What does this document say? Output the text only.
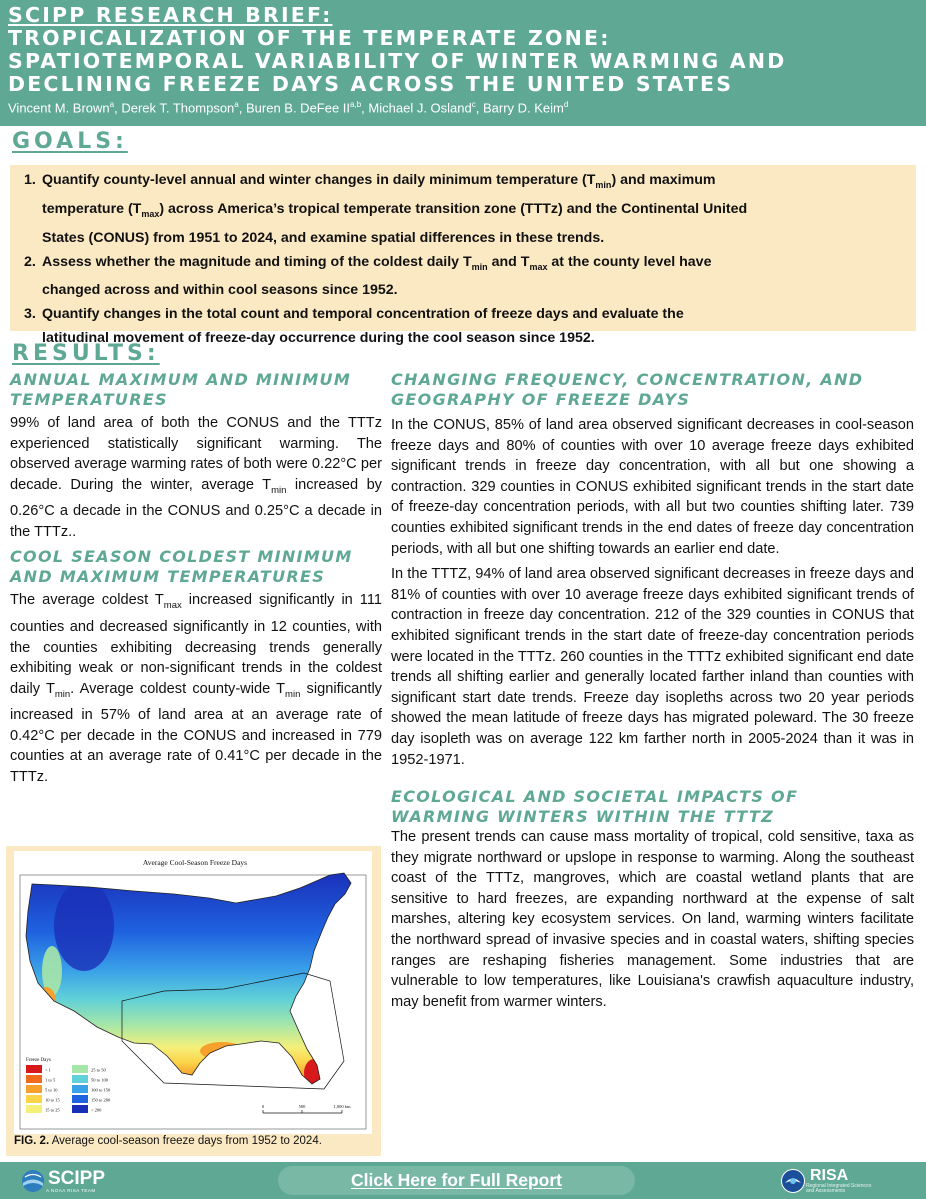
SCIPP RESEARCH BRIEF:
TROPICALIZATION OF THE TEMPERATE ZONE:
SPATIOTEMPORAL VARIABILITY OF WINTER WARMING AND
DECLINING FREEZE DAYS ACROSS THE UNITED STATES
Vincent M. Brown$^a$, Derek T. Thompson$^a$, Buren B. DeFee II$^{a,b}$, Michael J. Osland$^c$, Barry D. Keim$^d$
GOALS:
1. Quantify county-level annual and winter changes in daily minimum temperature $(T_{min})$ and maximum
temperature $(T_{max})$ across America’s tropical temperate transition zone (TTTz) and the Continental United
States (CONUS) from 1951 to 2024, and examine spatial differences in these trends.
2. Assess whether the magnitude and timing of the coldest daily $T_{min}$ and $T_{max}$ at the county level have
changed across and within cool seasons since 1952.
3. Quantify changes in the total count and temporal concentration of freeze days and evaluate the
latitudinal movement of freeze-day occurrence during the cool season since 1952.
RESULTS:
ANNUAL MAXIMUM AND MINIMUM
TEMPERATURES
99% of land area of both the CONUS and the TTTz experienced statistically significant warming. The observed average warming rates of both were 0.22°C per decade. During the winter, average $T_{min}$ increased by 0.26°C a decade in the CONUS and 0.25°C a decade in the TTTz..
COOL SEASON COLDEST MINIMUM
AND MAXIMUM TEMPERATURES
The average coldest $T_{max}$ increased significantly in 111 counties and decreased significantly in 12 counties, with the counties exhibiting decreasing trends generally exhibiting weak or non-significant trends in the coldest daily $T_{min}$. Average coldest county-wide $T_{min}$ significantly increased in 57% of land area at an average rate of 0.42°C per decade in the CONUS and increased in 779 counties at an average rate of 0.41°C per decade in the TTTz.
CHANGING FREQUENCY, CONCENTRATION, AND
GEOGRAPHY OF FREEZE DAYS
In the CONUS, 85% of land area observed significant decreases in cool-season freeze days and 80% of counties with over 10 average freeze days exhibited significant trends in freeze day concentration, with all but one showing a contraction. 329 counties in CONUS exhibited significant trends in the start date of freeze-day concentration periods, with all but two counties shifting later. 739 counties exhibited significant trends in the end dates of freeze day concentration periods, with all but one shifting towards an earlier end date.
In the TTTZ, 94% of land area observed significant decreases in freeze days and 81% of counties with over 10 average freeze days exhibited significant trends of contraction in freeze day concentration. 212 of the 329 counties in CONUS that exhibited significant trends in the start date of freeze-day concentration periods were located in the TTTz. 260 counties in the TTTz exhibited significant end date trends all shifting earlier and generally located farther inland than counties with significant start date trends. Freeze day isopleths across two 20 year periods showed the mean latitude of freeze days has migrated poleward. The 30 freeze day isopleth was on average 122 km farther north in 2005-2024 than it was in 1952-1971.
ECOLOGICAL AND SOCIETAL IMPACTS OF
WARMING WINTERS WITHIN THE TTTZ
The present trends can cause mass mortality of tropical, cold sensitive, taxa as they migrate northward or upslope in response to warming. Along the southeast coast of the TTTz, mangroves, which are coastal wetland plants that are sensitive to hard freezes, are expanding northward at the expense of salt marshes, altering key ecosystem services. On land, warming winters facilitate the northward spread of invasive species and in coastal waters, shifting species ranges are reshaping fisheries management. Some industries that are vulnerable to low temperatures, like Louisiana's crawfish aquaculture industry, may benefit from warmer winters.
Average Cool-Season Freeze Days
Freeze Days
< 1
1 to 5
5 to 10
10 to 15
15 to 25
25 to 50
50 to 100
100 to 150
150 to 200
> 200
0	500	1,000 km
FIG. 2. Average cool-season freeze days from 1952 to 2024.
SCIPP
A NOAA RISA TEAM	Click Here for Full Report	RISA
Regional Integrated Sciences
and Assessments
